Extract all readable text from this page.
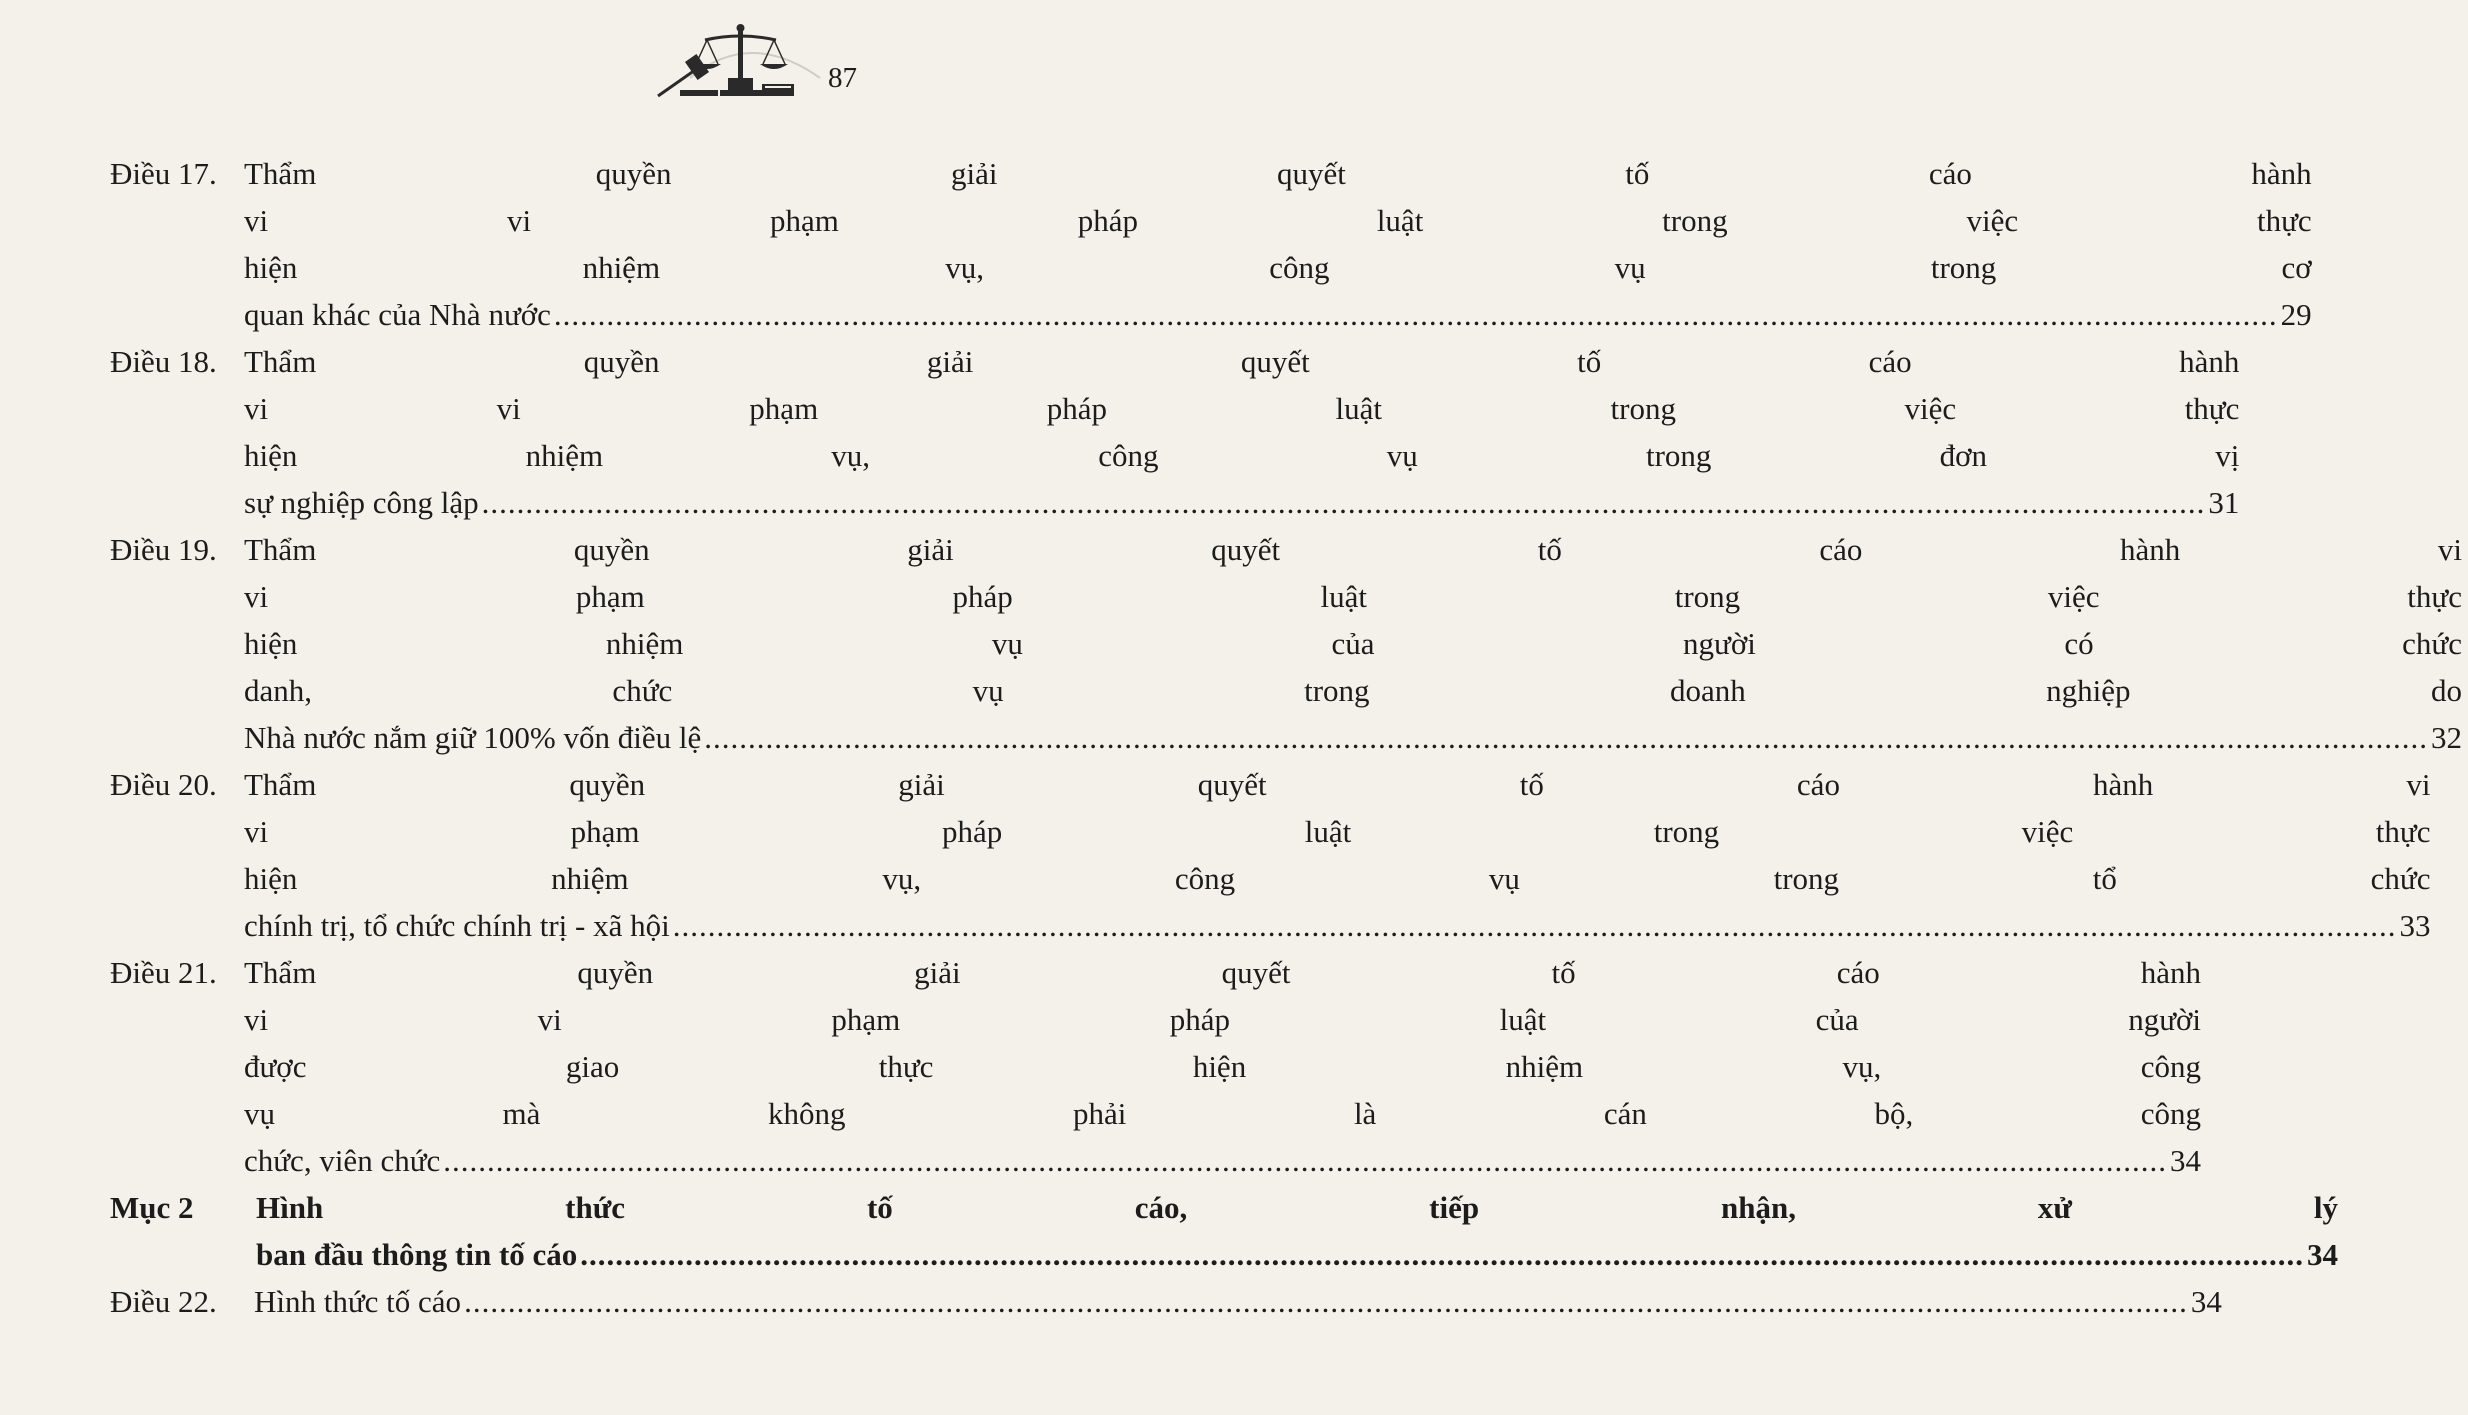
87
Điều 17. Thẩm quyền giải quyết tố cáo hành
vi vi phạm pháp luật trong việc thực
hiện nhiệm vụ, công vụ trong cơ
quan khác của Nhà nước .....	29
Điều 18. Thẩm quyền giải quyết tố cáo hành
vi vi phạm pháp luật trong việc thực
hiện nhiệm vụ, công vụ trong đơn vị
sự nghiệp công lập .....	31
Điều 19. Thẩm quyền giải quyết tố cáo hành vi
vi phạm pháp luật trong việc thực
hiện nhiệm vụ của người có chức
danh, chức vụ trong doanh nghiệp do
Nhà nước nắm giữ 100% vốn điều lệ .....	32
Điều 20. Thẩm quyền giải quyết tố cáo hành vi
vi phạm pháp luật trong việc thực
hiện nhiệm vụ, công vụ trong tổ chức
chính trị, tổ chức chính trị - xã hội .....	33
Điều 21. Thẩm quyền giải quyết tố cáo hành
vi vi phạm pháp luật của người
được giao thực hiện nhiệm vụ, công
vụ mà không phải là cán bộ, công
chức, viên chức .....	34
Mục 2	Hình thức tố cáo, tiếp nhận, xử lý
ban đầu thông tin tố cáo .....	34
Điều 22.	Hình thức tố cáo .....	34
